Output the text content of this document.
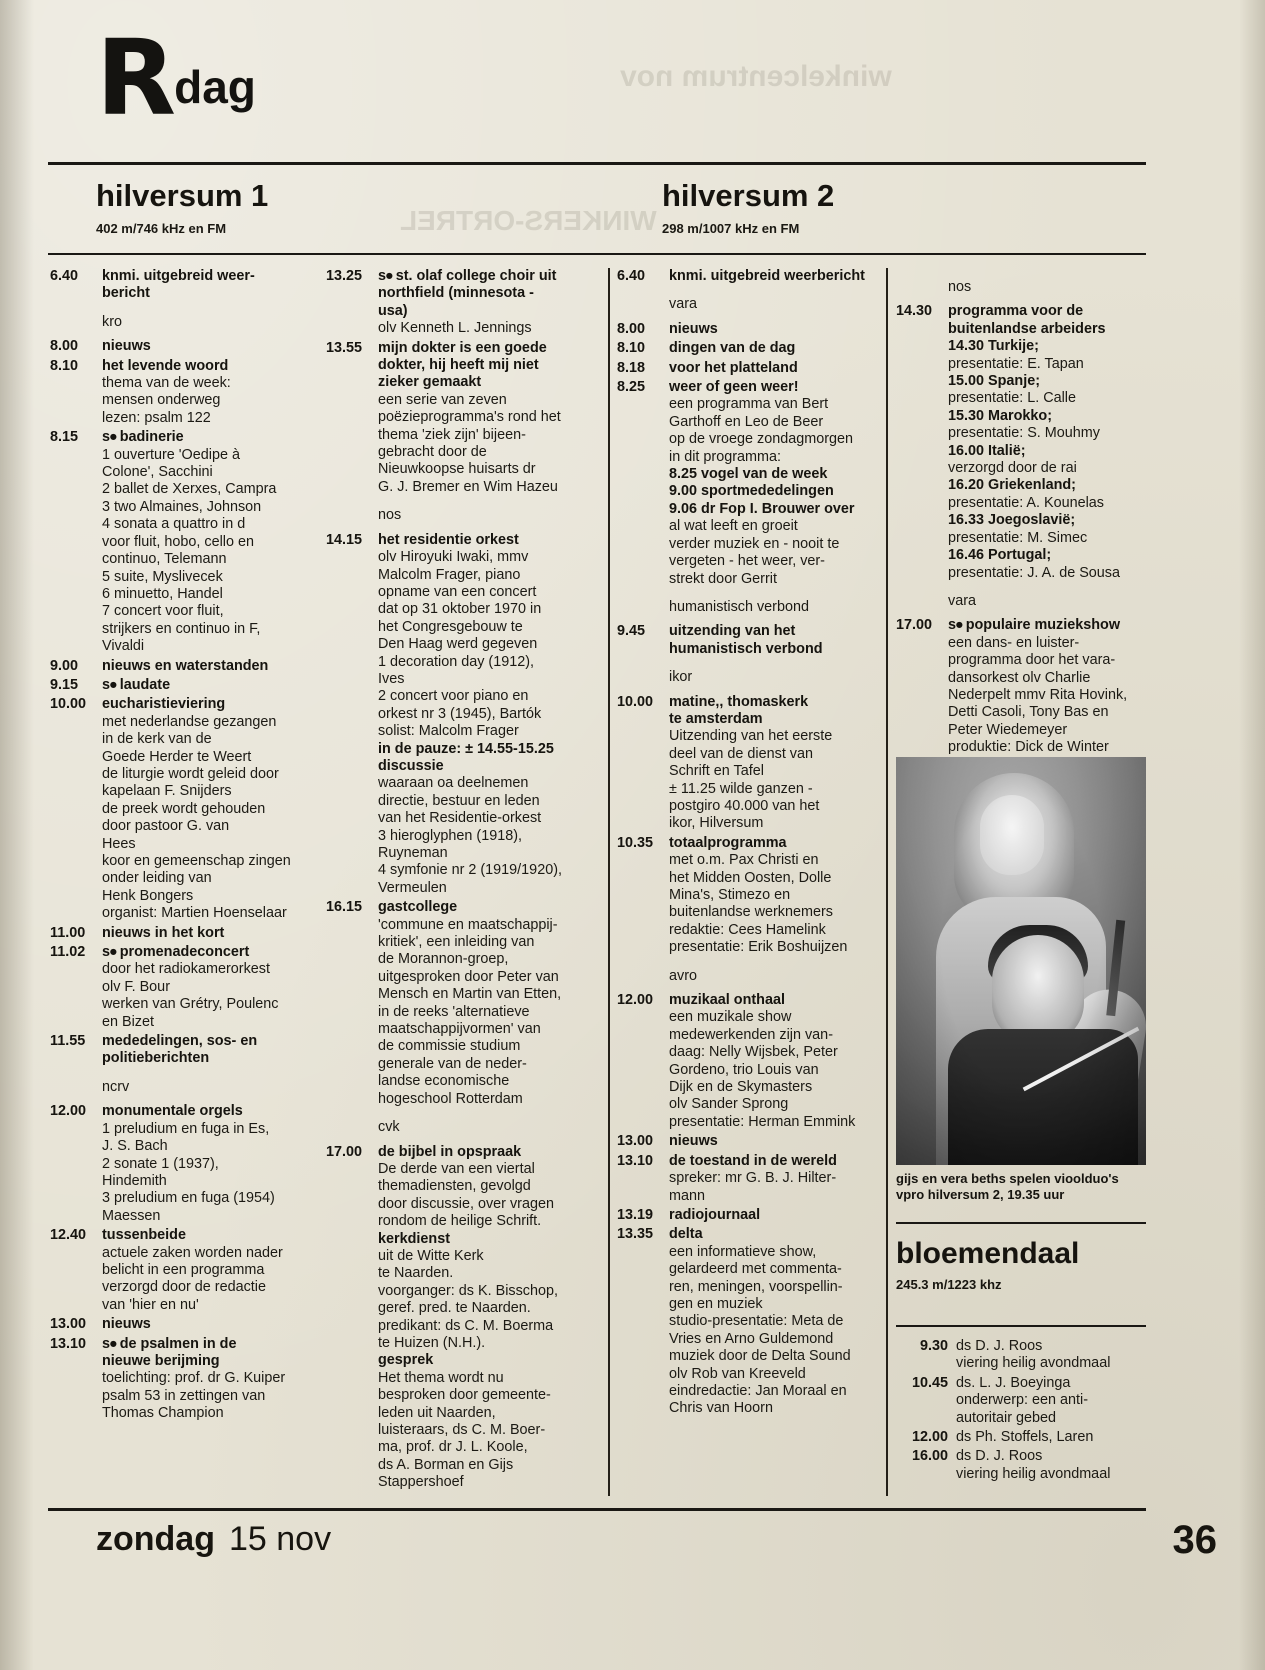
winkelcentrum nov
WINKERS-ORTREL
R dag
hilversum 1
402 m/746 kHz en FM
hilversum 2
298 m/1007 kHz en FM
6.40	knmi. uitgebreid weer-
bericht
kro
8.00	nieuws
8.10	het levende woord
thema van de week:
mensen onderweg
lezen: psalm 122
8.15	s● badinerie
1 ouverture 'Oedipe à
Colone', Sacchini
2 ballet de Xerxes, Campra
3 two Almaines, Johnson
4 sonata a quattro in d
voor fluit, hobo, cello en
continuo, Telemann
5 suite, Myslivecek
6 minuetto, Handel
7 concert voor fluit,
strijkers en continuo in F,
Vivaldi
9.00	nieuws en waterstanden
9.15	s● laudate
10.00	eucharistieviering
met nederlandse gezangen
in de kerk van de
Goede Herder te Weert
de liturgie wordt geleid door
kapelaan F. Snijders
de preek wordt gehouden
door pastoor G. van
Hees
koor en gemeenschap zingen
onder leiding van
Henk Bongers
organist: Martien Hoenselaar
11.00	nieuws in het kort
11.02	s● promenadeconcert
door het radiokamerorkest
olv F. Bour
werken van Grétry, Poulenc
en Bizet
11.55	mededelingen, sos- en
politieberichten
ncrv
12.00	monumentale orgels
1 preludium en fuga in Es,
J. S. Bach
2 sonate 1 (1937),
Hindemith
3 preludium en fuga (1954)
Maessen
12.40	tussenbeide
actuele zaken worden nader
belicht in een programma
verzorgd door de redactie
van 'hier en nu'
13.00	nieuws
13.10	s● de psalmen in de
nieuwe berijming
toelichting: prof. dr G. Kuiper
psalm 53 in zettingen van
Thomas Champion
13.25	s● st. olaf college choir uit
northfield (minnesota -
usa)
olv Kenneth L. Jennings
13.55	mijn dokter is een goede
dokter, hij heeft mij niet
zieker gemaakt
een serie van zeven
poëzieprogramma's rond het
thema 'ziek zijn' bijeen-
gebracht door de
Nieuwkoopse huisarts dr
G. J. Bremer en Wim Hazeu
nos
14.15	het residentie orkest
olv Hiroyuki Iwaki, mmv
Malcolm Frager, piano
opname van een concert
dat op 31 oktober 1970 in
het Congresgebouw te
Den Haag werd gegeven
1 decoration day (1912),
Ives
2 concert voor piano en
orkest nr 3 (1945), Bartók
solist: Malcolm Frager
in de pauze: ± 14.55-15.25
discussie
waaraan oa deelnemen
directie, bestuur en leden
van het Residentie-orkest
3 hieroglyphen (1918),
Ruyneman
4 symfonie nr 2 (1919/1920),
Vermeulen
16.15	gastcollege
'commune en maatschappij-
kritiek', een inleiding van
de Morannon-groep,
uitgesproken door Peter van
Mensch en Martin van Etten,
in de reeks 'alternatieve
maatschappijvormen' van
de commissie studium
generale van de neder-
landse economische
hogeschool Rotterdam
cvk
17.00	de bijbel in opspraak
De derde van een viertal
themadiensten, gevolgd
door discussie, over vragen
rondom de heilige Schrift.
kerkdienst
uit de Witte Kerk
te Naarden.
voorganger: ds K. Bisschop,
geref. pred. te Naarden.
predikant: ds C. M. Boerma
te Huizen (N.H.).
gesprek
Het thema wordt nu
besproken door gemeente-
leden uit Naarden,
luisteraars, ds C. M. Boer-
ma, prof. dr J. L. Koole,
ds A. Borman en Gijs
Stappershoef
6.40	knmi. uitgebreid weerbericht
vara
8.00	nieuws
8.10	dingen van de dag
8.18	voor het platteland
8.25	weer of geen weer!
een programma van Bert
Garthoff en Leo de Beer
op de vroege zondagmorgen
in dit programma:
8.25 vogel van de week
9.00 sportmededelingen
9.06 dr Fop I. Brouwer over
al wat leeft en groeit
verder muziek en - nooit te
vergeten - het weer, ver-
strekt door Gerrit
humanistisch verbond
9.45	uitzending van het
humanistisch verbond
ikor
10.00	matine,, thomaskerk
te amsterdam
Uitzending van het eerste
deel van de dienst van
Schrift en Tafel
± 11.25 wilde ganzen -
postgiro 40.000 van het
ikor, Hilversum
10.35	totaalprogramma
met o.m. Pax Christi en
het Midden Oosten, Dolle
Mina's, Stimezo en
buitenlandse werknemers
redaktie: Cees Hamelink
presentatie: Erik Boshuijzen
avro
12.00	muzikaal onthaal
een muzikale show
medewerkenden zijn van-
daag: Nelly Wijsbek, Peter
Gordeno, trio Louis van
Dijk en de Skymasters
olv Sander Sprong
presentatie: Herman Emmink
13.00	nieuws
13.10	de toestand in de wereld
spreker: mr G. B. J. Hilter-
mann
13.19	radiojournaal
13.35	delta
een informatieve show,
gelardeerd met commenta-
ren, meningen, voorspellin-
gen en muziek
studio-presentatie: Meta de
Vries en Arno Guldemond
muziek door de Delta Sound
olv Rob van Kreeveld
eindredactie: Jan Moraal en
Chris van Hoorn
nos
14.30	programma voor de
buitenlandse arbeiders
14.30 Turkije;
presentatie: E. Tapan
15.00 Spanje;
presentatie: L. Calle
15.30 Marokko;
presentatie: S. Mouhmy
16.00 Italië;
verzorgd door de rai
16.20 Griekenland;
presentatie: A. Kounelas
16.33 Joegoslavië;
presentatie: M. Simec
16.46 Portugal;
presentatie: J. A. de Sousa
vara
17.00	s● populaire muziekshow
een dans- en luister-
programma door het vara-
dansorkest olv Charlie
Nederpelt mmv Rita Hovink,
Detti Casoli, Tony Bas en
Peter Wiedemeyer
produktie: Dick de Winter
gijs en vera beths spelen vioolduo's
vpro hilversum 2, 19.35 uur
bloemendaal
245.3 m/1223 khz
9.30 ds D. J. Roos
viering heilig avondmaal
10.45 ds. L. J. Boeyinga
onderwerp: een anti-
autoritair gebed
12.00 ds Ph. Stoffels, Laren
16.00 ds D. J. Roos
viering heilig avondmaal
zondag 15 nov	36
